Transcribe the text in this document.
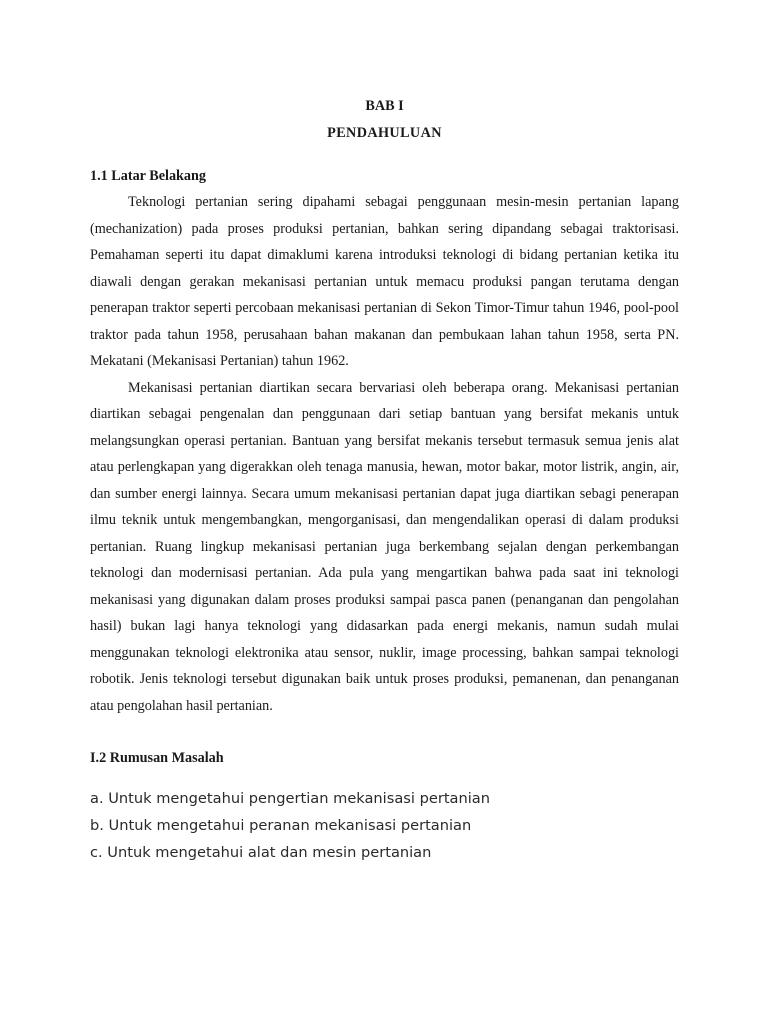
BAB I

PENDAHULUAN

1.1 Latar Belakang

Teknologi pertanian sering dipahami sebagai penggunaan mesin-mesin pertanian lapang (mechanization) pada proses produksi pertanian, bahkan sering dipandang sebagai traktorisasi. Pemahaman seperti itu dapat dimaklumi karena introduksi teknologi di bidang pertanian ketika itu diawali dengan gerakan mekanisasi pertanian untuk memacu produksi pangan terutama dengan penerapan traktor seperti percobaan mekanisasi pertanian di Sekon Timor-Timur tahun 1946, pool-pool traktor pada tahun 1958, perusahaan bahan makanan dan pembukaan lahan tahun 1958, serta PN. Mekatani (Mekanisasi Pertanian) tahun 1962.

Mekanisasi pertanian diartikan secara bervariasi oleh beberapa orang. Mekanisasi pertanian diartikan sebagai pengenalan dan penggunaan dari setiap bantuan yang bersifat mekanis untuk melangsungkan operasi pertanian. Bantuan yang bersifat mekanis tersebut termasuk semua jenis alat atau perlengkapan yang digerakkan oleh tenaga manusia, hewan, motor bakar, motor listrik, angin, air, dan sumber energi lainnya. Secara umum mekanisasi pertanian dapat juga diartikan sebagi penerapan ilmu teknik untuk mengembangkan, mengorganisasi, dan mengendalikan operasi di dalam produksi pertanian. Ruang lingkup mekanisasi pertanian juga berkembang sejalan dengan perkembangan teknologi dan modernisasi pertanian. Ada pula yang mengartikan bahwa pada saat ini teknologi mekanisasi yang digunakan dalam proses produksi sampai pasca panen (penanganan dan pengolahan hasil) bukan lagi hanya teknologi yang didasarkan pada energi mekanis, namun sudah mulai menggunakan teknologi elektronika atau sensor, nuklir, image processing, bahkan sampai teknologi robotik. Jenis teknologi tersebut digunakan baik untuk proses produksi, pemanenan, dan penanganan atau pengolahan hasil pertanian.

I.2 Rumusan Masalah
a. Untuk mengetahui pengertian mekanisasi pertanian
b. Untuk mengetahui peranan mekanisasi pertanian
c. Untuk mengetahui alat dan mesin pertanian
